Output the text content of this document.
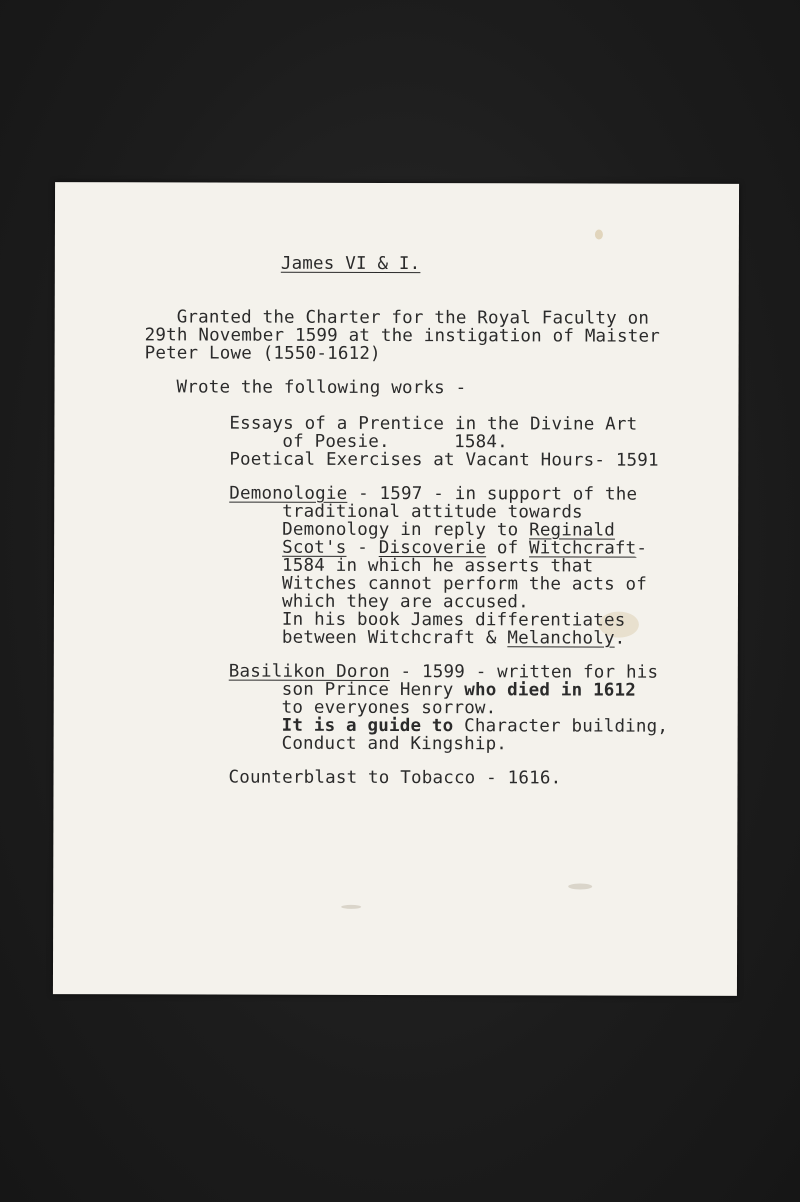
James VI & I.
Granted the Charter for the Royal Faculty on
29th November 1599 at the instigation of Maister
Peter Lowe (1550-1612)
Wrote the following works -
Essays of a Prentice in the Divine Art
of Poesie.      1584.
Poetical Exercises at Vacant Hours- 1591
Demonologie - 1597 - in support of the
traditional attitude towards
Demonology in reply to Reginald
Scot's - Discoverie of Witchcraft-
1584 in which he asserts that
Witches cannot perform the acts of
which they are accused.
In his book James differentiates
between Witchcraft & Melancholy.
Basilikon Doron - 1599 - written for his
son Prince Henry who died in 1612
to everyones sorrow.
It is a guide to Character building,
Conduct and Kingship.
Counterblast to Tobacco - 1616.
